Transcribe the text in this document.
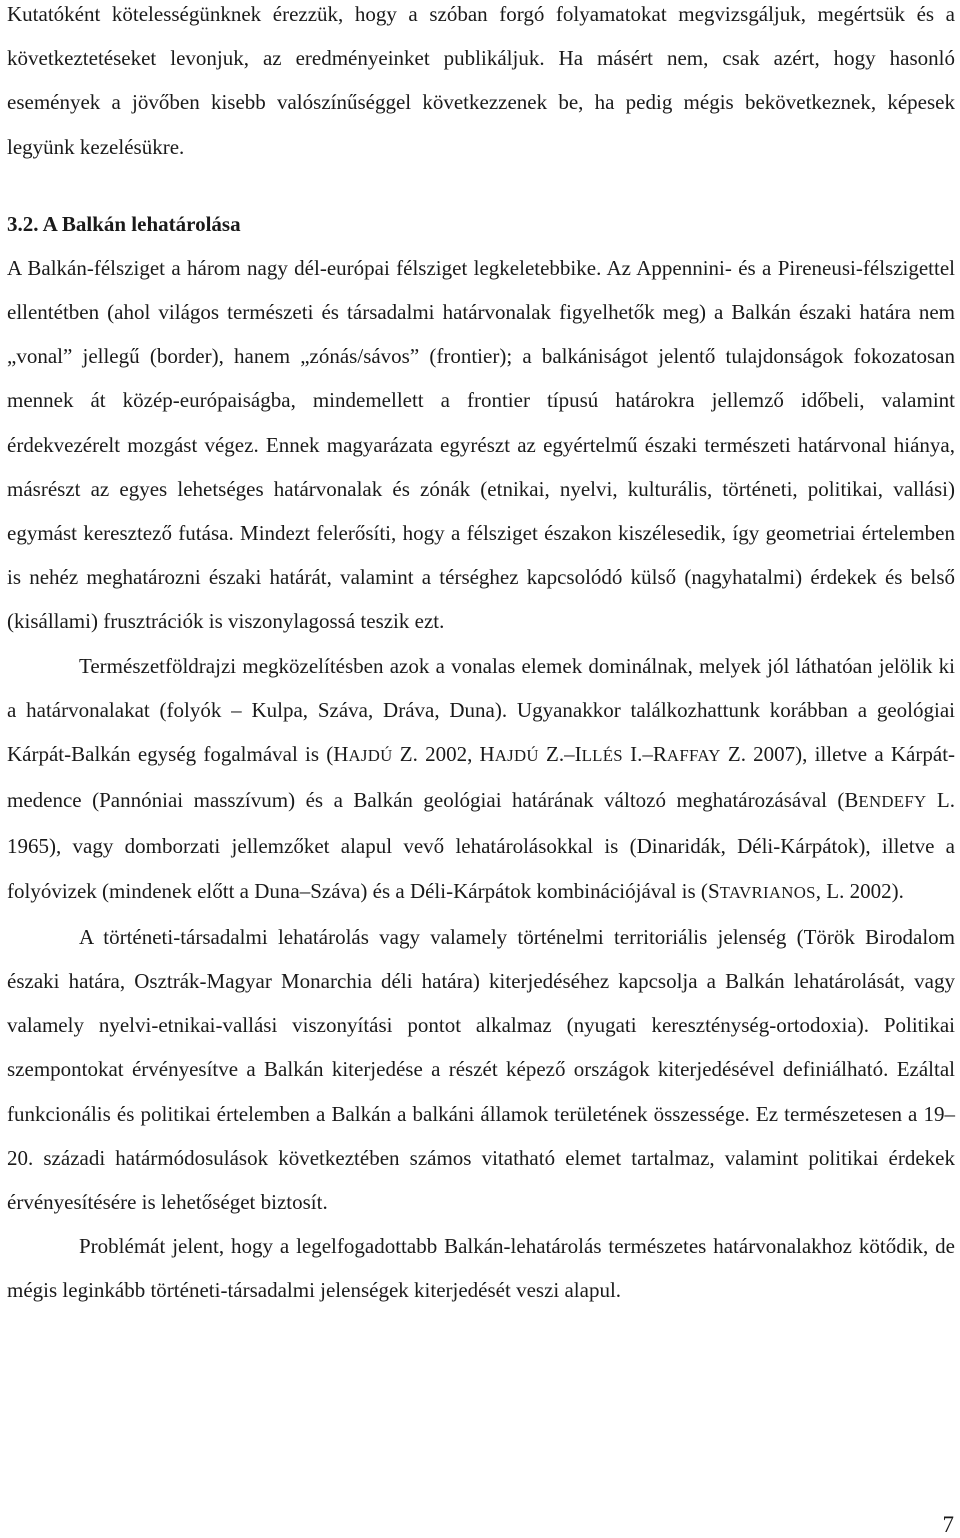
Kutatóként kötelességünknek érezzük, hogy a szóban forgó folyamatokat megvizsgáljuk, megértsük és a következtetéseket levonjuk, az eredményeinket publikáljuk. Ha másért nem, csak azért, hogy hasonló események a jövőben kisebb valószínűséggel következzenek be, ha pedig mégis bekövetkeznek, képesek legyünk kezelésükre.

3.2. A Balkán lehatárolása

A Balkán-félsziget a három nagy dél-európai félsziget legkeletebbike. Az Appennini- és a Pireneusi-félszigettel ellentétben (ahol világos természeti és társadalmi határvonalak figyelhetők meg) a Balkán északi határa nem „vonal” jellegű (border), hanem „zónás/sávos” (frontier); a balkániságot jelentő tulajdonságok fokozatosan mennek át közép-európaiságba, mindemellett a frontier típusú határokra jellemző időbeli, valamint érdekvezérelt mozgást végez. Ennek magyarázata egyrészt az egyértelmű északi természeti határvonal hiánya, másrészt az egyes lehetséges határvonalak és zónák (etnikai, nyelvi, kulturális, történeti, politikai, vallási) egymást keresztező futása. Mindezt felerősíti, hogy a félsziget északon kiszélesedik, így geometriai értelemben is nehéz meghatározni északi határát, valamint a térséghez kapcsolódó külső (nagyhatalmi) érdekek és belső (kisállami) frusztrációk is viszonylagossá teszik ezt.

Természetföldrajzi megközelítésben azok a vonalas elemek dominálnak, melyek jól láthatóan jelölik ki a határvonalakat (folyók – Kulpa, Száva, Dráva, Duna). Ugyanakkor találkozhattunk korábban a geológiai Kárpát-Balkán egység fogalmával is (HAJDÚ Z. 2002, HAJDÚ Z.–ILLÉS I.–RAFFAY Z. 2007), illetve a Kárpát-medence (Pannóniai masszívum) és a Balkán geológiai határának változó meghatározásával (BENDEFY L. 1965), vagy domborzati jellemzőket alapul vevő lehatárolásokkal is (Dinaridák, Déli-Kárpátok), illetve a folyóvizek (mindenek előtt a Duna–Száva) és a Déli-Kárpátok kombinációjával is (STAVRIANOS, L. 2002).

A történeti-társadalmi lehatárolás vagy valamely történelmi territoriális jelenség (Török Birodalom északi határa, Osztrák-Magyar Monarchia déli határa) kiterjedéséhez kapcsolja a Balkán lehatárolását, vagy valamely nyelvi-etnikai-vallási viszonyítási pontot alkalmaz (nyugati kereszténység-ortodoxia). Politikai szempontokat érvényesítve a Balkán kiterjedése a részét képező országok kiterjedésével definiálható. Ezáltal funkcionális és politikai értelemben a Balkán a balkáni államok területének összessége. Ez természetesen a 19–20. századi határmódosulások következtében számos vitatható elemet tartalmaz, valamint politikai érdekek érvényesítésére is lehetőséget biztosít.

Problémát jelent, hogy a legelfogadottabb Balkán-lehatárolás természetes határvonalakhoz kötődik, de mégis leginkább történeti-társadalmi jelenségek kiterjedését veszi alapul.

7
